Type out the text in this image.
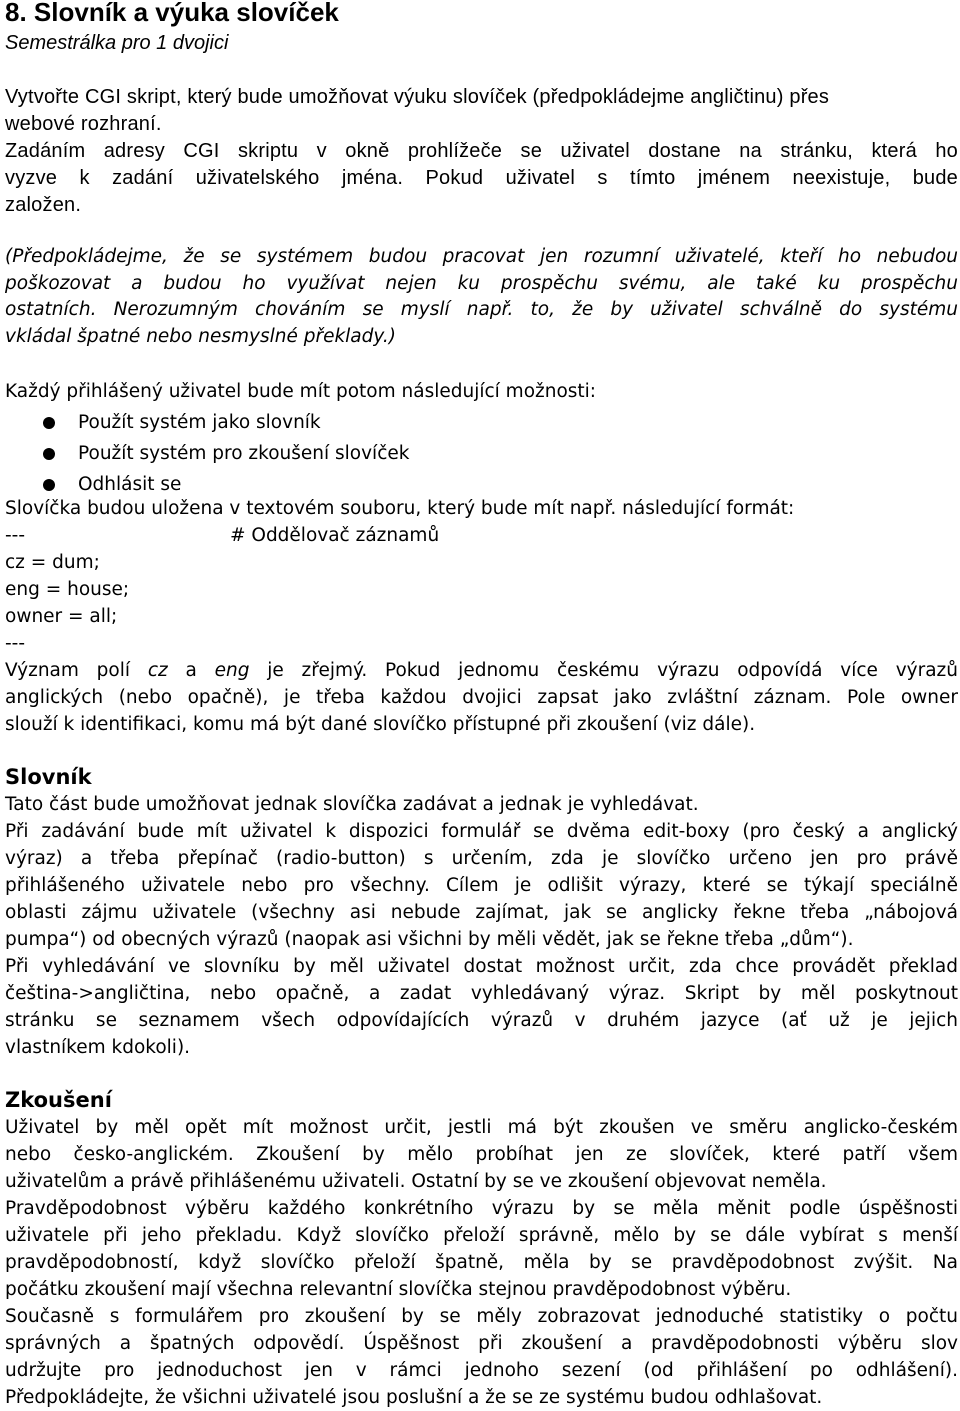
8. Slovník a výuka slovíček
Semestrálka pro 1 dvojici
Vytvořte CGI skript, který bude umožňovat výuku slovíček (předpokládejme angličtinu) přes
webové rozhraní.
Zadáním adresy CGI skriptu v okně prohlížeče se uživatel dostane na stránku, která ho
vyzve k zadání uživatelského jména. Pokud uživatel s tímto jménem neexistuje, bude
založen.
(Předpokládejme, že se systémem budou pracovat jen rozumní uživatelé, kteří ho nebudou
poškozovat a budou ho využívat nejen ku prospěchu svému, ale také ku prospěchu
ostatních. Nerozumným chováním se myslí např. to, že by uživatel schválně do systému
vkládal špatné nebo nesmyslné překlady.)
Každý přihlášený uživatel bude mít potom následující možnosti:
Použít systém jako slovník
Použít systém pro zkoušení slovíček
Odhlásit se
Slovíčka budou uložena v textovém souboru, který bude mít např. následující formát:
---	# Oddělovač záznamů
cz = dum;
eng = house;
owner = all;
---
Význam polí cz a eng je zřejmý. Pokud jednomu českému výrazu odpovídá více výrazů
anglických (nebo opačně), je třeba každou dvojici zapsat jako zvláštní záznam. Pole owner
slouží k identifikaci, komu má být dané slovíčko přístupné při zkoušení (viz dále).
Slovník
Tato část bude umožňovat jednak slovíčka zadávat a jednak je vyhledávat.
Při zadávání bude mít uživatel k dispozici formulář se dvěma edit-boxy (pro český a anglický
výraz) a třeba přepínač (radio-button) s určením, zda je slovíčko určeno jen pro právě
přihlášeného uživatele nebo pro všechny. Cílem je odlišit výrazy, které se týkají speciálně
oblasti zájmu uživatele (všechny asi nebude zajímat, jak se anglicky řekne třeba „nábojová
pumpa“) od obecných výrazů (naopak asi všichni by měli vědět, jak se řekne třeba „dům“).
Při vyhledávání ve slovníku by měl uživatel dostat možnost určit, zda chce provádět překlad
čeština->angličtina, nebo opačně, a zadat vyhledávaný výraz. Skript by měl poskytnout
stránku se seznamem všech odpovídajících výrazů v druhém jazyce (ať už je jejich
vlastníkem kdokoli).
Zkoušení
Uživatel by měl opět mít možnost určit, jestli má být zkoušen ve směru anglicko-českém
nebo česko-anglickém. Zkoušení by mělo probíhat jen ze slovíček, které patří všem
uživatelům a právě přihlášenému uživateli. Ostatní by se ve zkoušení objevovat neměla.
Pravděpodobnost výběru každého konkrétního výrazu by se měla měnit podle úspěšnosti
uživatele při jeho překladu. Když slovíčko přeloží správně, mělo by se dále vybírat s menší
pravděpodobností, když slovíčko přeloží špatně, měla by se pravděpodobnost zvýšit. Na
počátku zkoušení mají všechna relevantní slovíčka stejnou pravděpodobnost výběru.
Současně s formulářem pro zkoušení by se měly zobrazovat jednoduché statistiky o počtu
správných a špatných odpovědí. Úspěšnost při zkoušení a pravděpodobnosti výběru slov
udržujte pro jednoduchost jen v rámci jednoho sezení (od přihlášení po odhlášení).
Předpokládejte, že všichni uživatelé jsou poslušní a že se ze systému budou odhlašovat.
